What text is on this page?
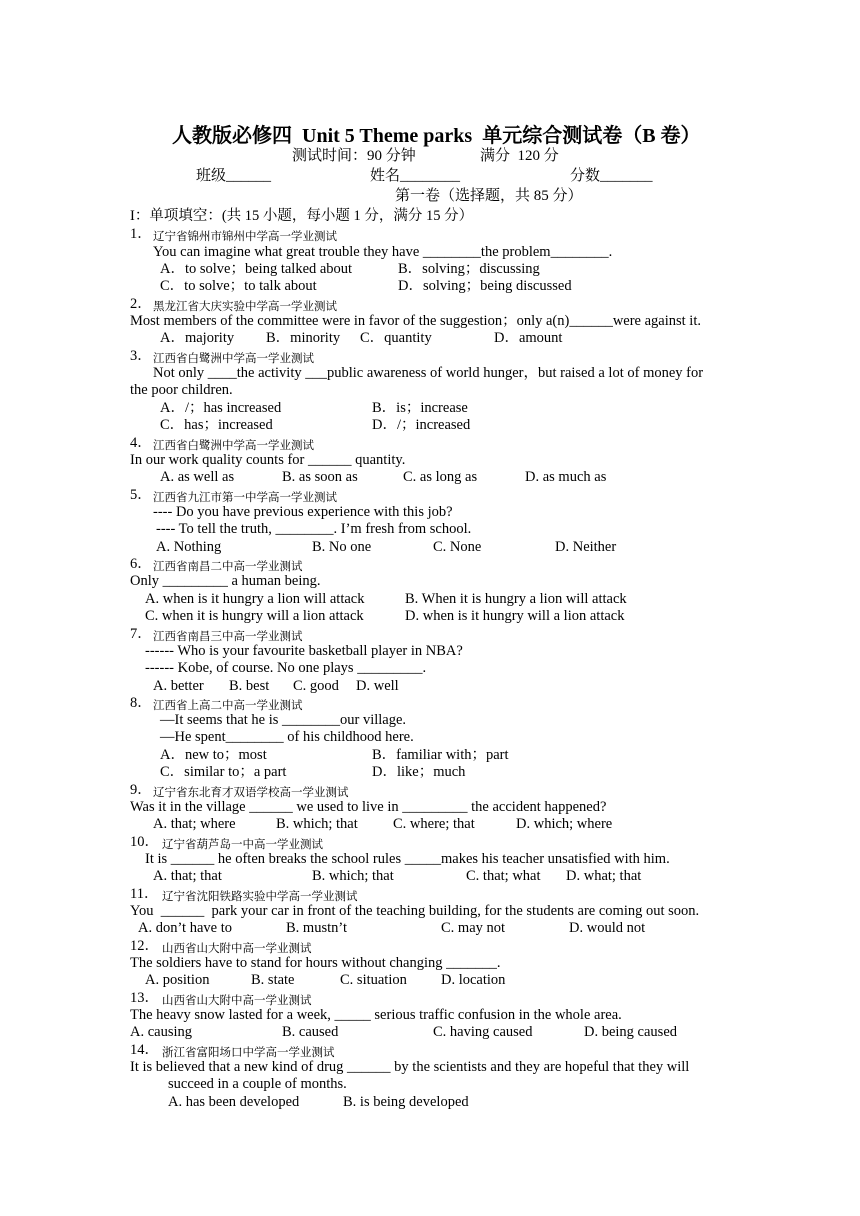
人教版必修四  Unit 5 Theme parks  单元综合测试卷（B 卷）
测试时间：90 分钟	满分  120 分
班级______	姓名________	分数_______
第一卷（选择题，共 85 分）
I：单项填空：(共 15 小题，每小题 1 分，满分 15 分）
1． 辽宁省锦州市锦州中学高一学业测试
You can imagine what great trouble they have ________the problem________.
A．to solve；being talked about	B．solving；discussing
C．to solve；to talk about	D．solving；being discussed
2． 黑龙江省大庆实验中学高一学业测试
Most members of the committee were in favor of the suggestion；only a(n)______were against it.
A．majority B．minority C．quantity	D．amount
3． 江西省白鹭洲中学高一学业测试
Not only ____the activity ___public awareness of world hunger，but raised a lot of money for
the poor children.
A．/；has increased	B．is；increase
C．has；increased	D．/；increased
4． 江西省白鹭洲中学高一学业测试
In our work quality counts for ______ quantity.
A. as well as	B. as soon as	C. as long as	D. as much as
5． 江西省九江市第一中学高一学业测试
---- Do you have previous experience with this job?
---- To tell the truth, ________. I’m fresh from school.
A. Nothing	B. No one	C. None	D. Neither
6． 江西省南昌二中高一学业测试
Only _________ a human being.
A. when is it hungry a lion will attack	B. When it is hungry a lion will attack
C. when it is hungry will a lion attack	D. when is it hungry will a lion attack
7． 江西省南昌三中高一学业测试
------ Who is your favourite basketball player in NBA?
------ Kobe, of course. No one plays _________.
A. better B. best C. good D. well
8． 江西省上高二中高一学业测试
—It seems that he is ________our village.
—He spent________ of his childhood here.
A．new to；most	B．familiar with；part
C．similar to；a part	D．like；much
9． 辽宁省东北育才双语学校高一学业测试
Was it in the village ______ we used to live in _________ the accident happened?
A. that; where	B. which; that C. where; that	D. which; where
10． 辽宁省葫芦岛一中高一学业测试
It is ______ he often breaks the school rules _____makes his teacher unsatisfied with him.
A. that; that	B. which; that	C. that; what D. what; that
11． 辽宁省沈阳铁路实验中学高一学业测试
You  ______  park your car in front of the teaching building, for the students are coming out soon.
A. don’t have to	B. mustn’t	C. may not	D. would not
12． 山西省山大附中高一学业测试
The soldiers have to stand for hours without changing _______.
A. position	B. state	C. situation D. location
13． 山西省山大附中高一学业测试
The heavy snow lasted for a week, _____ serious traffic confusion in the whole area.
A. causing	B. caused	C. having caused	D. being caused
14． 浙江省富阳场口中学高一学业测试
It is believed that a new kind of drug ______ by the scientists and they are hopeful that they will
succeed in a couple of months.
A. has been developed	B. is being developed
